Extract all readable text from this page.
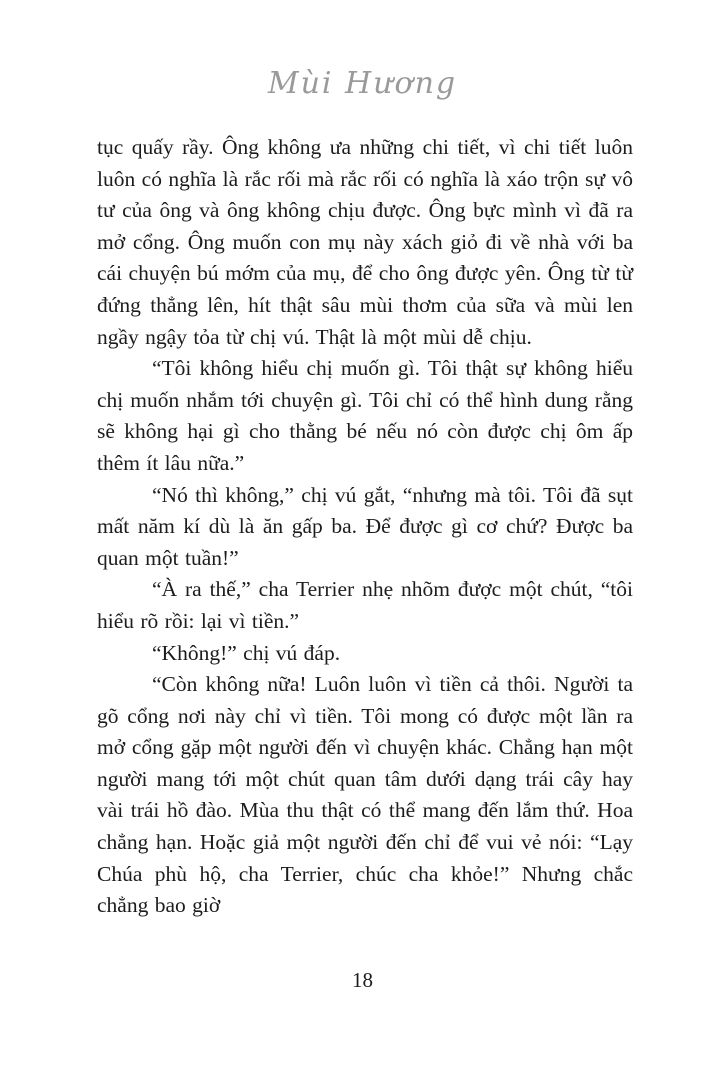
Mùi Hương

tục quấy rầy. Ông không ưa những chi tiết, vì chi tiết luôn luôn có nghĩa là rắc rối mà rắc rối có nghĩa là xáo trộn sự vô tư của ông và ông không chịu được. Ông bực mình vì đã ra mở cổng. Ông muốn con mụ này xách giỏ đi về nhà với ba cái chuyện bú mớm của mụ, để cho ông được yên. Ông từ từ đứng thẳng lên, hít thật sâu mùi thơm của sữa và mùi len ngầy ngậy tỏa từ chị vú. Thật là một mùi dễ chịu.

“Tôi không hiểu chị muốn gì. Tôi thật sự không hiểu chị muốn nhắm tới chuyện gì. Tôi chỉ có thể hình dung rằng sẽ không hại gì cho thằng bé nếu nó còn được chị ôm ấp thêm ít lâu nữa.”

“Nó thì không,” chị vú gắt, “nhưng mà tôi. Tôi đã sụt mất năm kí dù là ăn gấp ba. Để được gì cơ chứ? Được ba quan một tuần!”

“À ra thế,” cha Terrier nhẹ nhõm được một chút, “tôi hiểu rõ rồi: lại vì tiền.”

“Không!” chị vú đáp.

“Còn không nữa! Luôn luôn vì tiền cả thôi. Người ta gõ cổng nơi này chỉ vì tiền. Tôi mong có được một lần ra mở cổng gặp một người đến vì chuyện khác. Chẳng hạn một người mang tới một chút quan tâm dưới dạng trái cây hay vài trái hồ đào. Mùa thu thật có thể mang đến lắm thứ. Hoa chẳng hạn. Hoặc giả một người đến chỉ để vui vẻ nói: “Lạy Chúa phù hộ, cha Terrier, chúc cha khỏe!” Nhưng chắc chẳng bao giờ

18
